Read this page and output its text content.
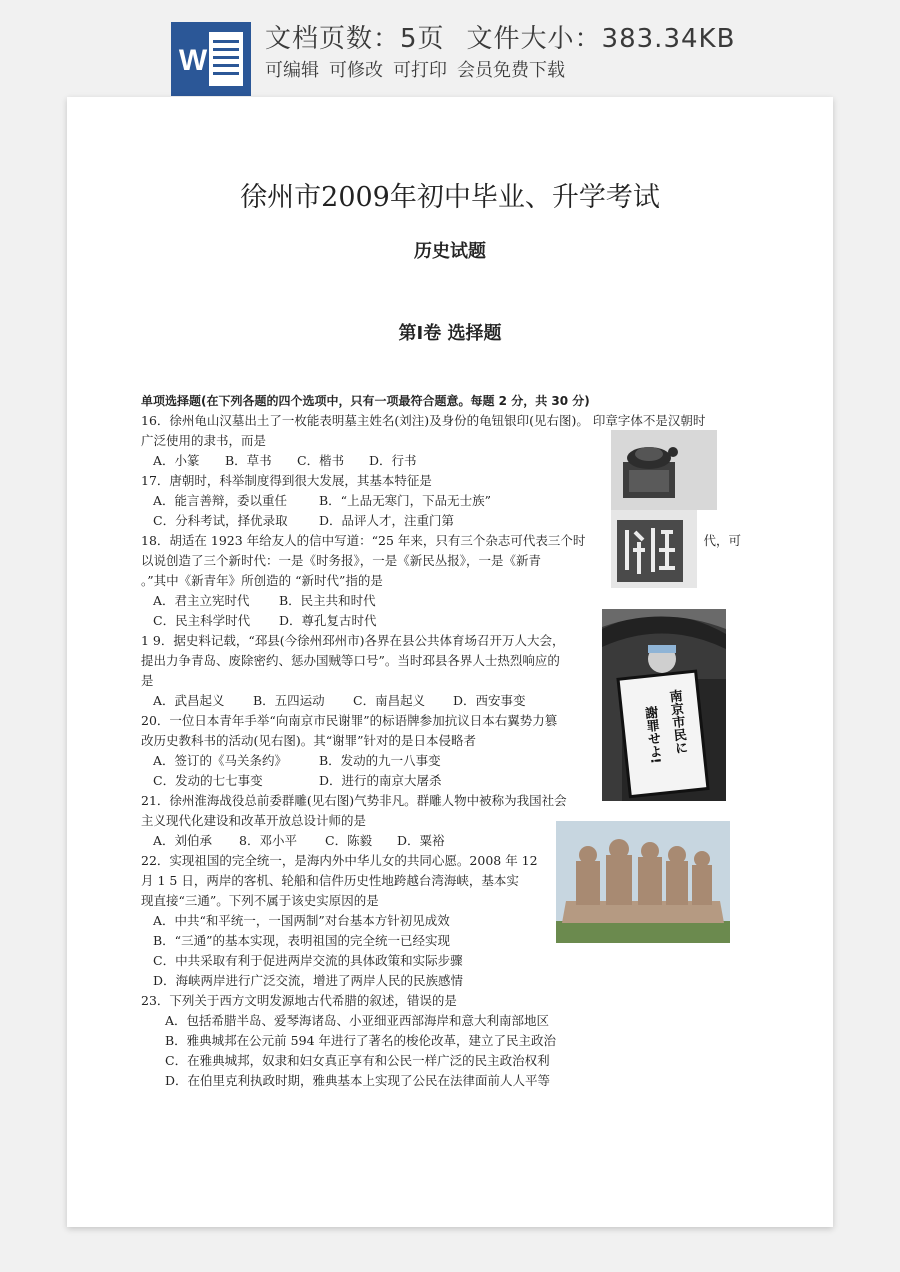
W
文档页数：5页 文件大小：383.34KB
可编辑 可修改 可打印 会员免费下载
徐州市2009年初中毕业、升学考试
历史试题
第Ⅰ卷 选择题
单项选择题(在下列各题的四个选项中，只有一项最符合题意。每题 2 分，共 30 分)
16．徐州龟山汉墓出土了一枚能表明墓主姓名(刘注)及身份的龟钮银印(见右图)。 印章字体不是汉朝时
广泛使用的隶书，而是
A．小篆 B．草书 C．楷书 D．行书
17．唐朝时，科举制度得到很大发展，其基本特征是
A．能言善辩，委以重任	B．“上品无寒门，下品无士族”
C．分科考试，择优录取	D．品评人才，注重门第
18．胡适在 1923 年给友人的信中写道：“25 年来，只有三个杂志可代表三个时	代，可
以说创造了三个新时代：一是《时务报》，一是《新民丛报》，一是《新青
。”其中《新青年》所创造的 “新时代”指的是
A．君主立宪时代 B．民主共和时代
C．民主科学时代 D．尊孔复古时代
1 9．据史料记载，“邳县(今徐州邳州市)各界在县公共体育场召开万人大会，
提出力争青岛、废除密约、惩办国贼等口号”。当时邳县各界人士热烈响应的
是
A．武昌起义 B．五四运动 C．南昌起义 D．西安事变
20．一位日本青年手举“向南京市民谢罪”的标语牌参加抗议日本右翼势力篡
改历史教科书的活动(见右图)。其“谢罪”针对的是日本侵略者
A．签订的《马关条约》	B．发动的九一八事变
C．发动的七七事变	D．进行的南京大屠杀
21．徐州淮海战役总前委群雕(见右图)气势非凡。群雕人物中被称为我国社会
主义现代化建设和改革开放总设计师的是
A．刘伯承 8．邓小平 C．陈毅 D．粟裕
22．实现祖国的完全统一，是海内外中华儿女的共同心愿。2008 年 12
月 1 5 日，两岸的客机、轮船和信件历史性地跨越台湾海峡，基本实
现直接“三通”。下列不属于该史实原因的是
A．中共“和平统一，一国两制”对台基本方针初见成效
B．“三通”的基本实现，表明祖国的完全统一已经实现
C．中共采取有利于促进两岸交流的具体政策和实际步骤
D．海峡两岸进行广泛交流，增进了两岸人民的民族感情
23．下列关于西方文明发源地古代希腊的叙述，错误的是
A．包括希腊半岛、爱琴海诸岛、小亚细亚西部海岸和意大利南部地区
B．雅典城邦在公元前 594 年进行了著名的梭伦改革，建立了民主政治
C．在雅典城邦，奴隶和妇女真正享有和公民一样广泛的民主政治权利
D．在伯里克利执政时期，雅典基本上实现了公民在法律面前人人平等
南京市民に
謝罪せよ!
